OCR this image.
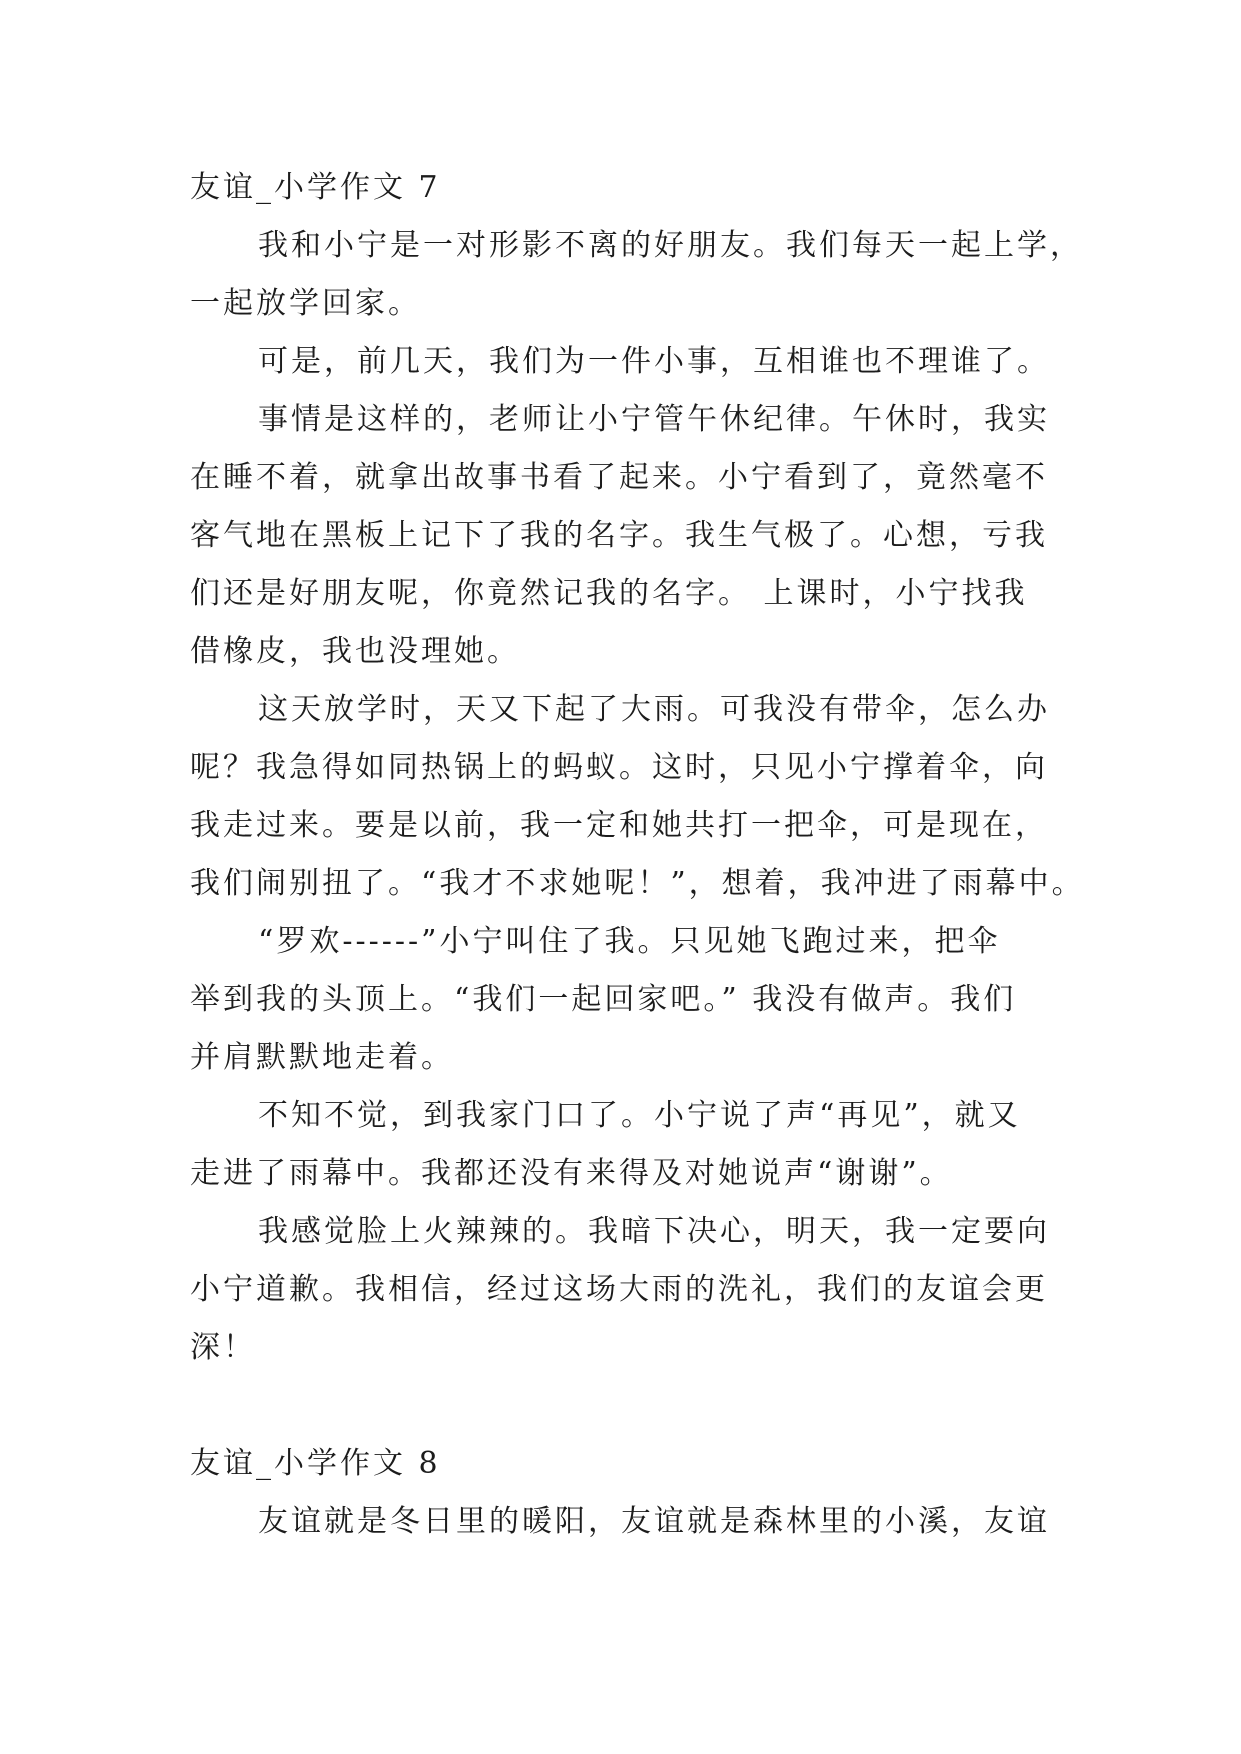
友谊_小学作文 7
我和小宁是一对形影不离的好朋友。我们每天一起上学，
一起放学回家。
可是，前几天，我们为一件小事，互相谁也不理谁了。
事情是这样的，老师让小宁管午休纪律。午休时，我实
在睡不着，就拿出故事书看了起来。小宁看到了，竟然毫不
客气地在黑板上记下了我的名字。我生气极了。心想，亏我
们还是好朋友呢，你竟然记我的名字。 上课时，小宁找我
借橡皮，我也没理她。
这天放学时，天又下起了大雨。可我没有带伞，怎么办
呢？我急得如同热锅上的蚂蚁。这时，只见小宁撑着伞，向
我走过来。要是以前，我一定和她共打一把伞，可是现在，
我们闹别扭了。“我才不求她呢！”，想着，我冲进了雨幕中。
“罗欢------”小宁叫住了我。只见她飞跑过来，把伞
举到我的头顶上。“我们一起回家吧。” 我没有做声。我们
并肩默默地走着。
不知不觉，到我家门口了。小宁说了声“再见”，就又
走进了雨幕中。我都还没有来得及对她说声“谢谢”。
我感觉脸上火辣辣的。我暗下决心，明天，我一定要向
小宁道歉。我相信，经过这场大雨的洗礼，我们的友谊会更
深！
友谊_小学作文 8
友谊就是冬日里的暖阳，友谊就是森林里的小溪，友谊
